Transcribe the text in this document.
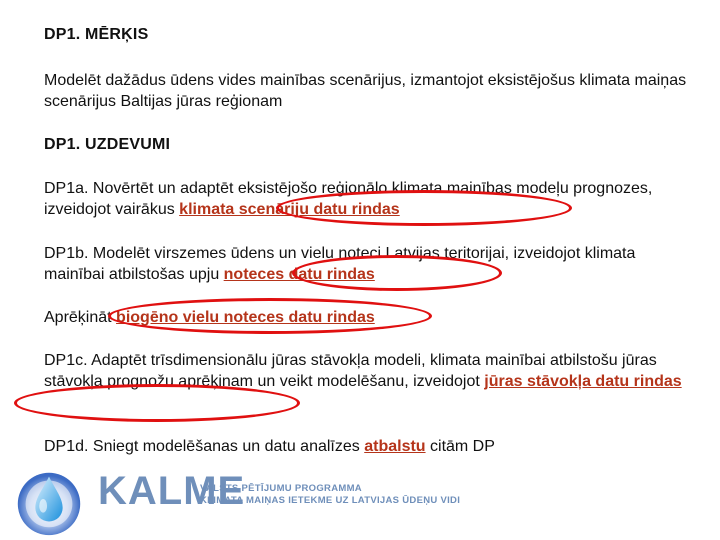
DP1. MĒRĶIS
Modelēt dažādus ūdens vides mainības scenārijus, izmantojot eksistējošus klimata maiņas scenārijus Baltijas jūras reģionam
DP1. UZDEVUMI
DP1a. Novērtēt un adaptēt eksistējošo reģionālo klimata mainības modeļu prognozes, izveidojot vairākus klimata scenāriju datu rindas
DP1b. Modelēt virszemes ūdens un vielu noteci Latvijas teritorijai, izveidojot klimata mainībai atbilstošas upju noteces datu rindas
Aprēķināt biogēno vielu noteces datu rindas
DP1c. Adaptēt trīsdimensionālu jūras stāvokļa modeli, klimata mainībai atbilstošu jūras stāvokļa prognožu aprēķinam un veikt modelēšanu, izveidojot jūras stāvokļa datu rindas
DP1d. Sniegt modelēšanas un datu analīzes atbalstu citām DP
KALME
VALSTS PĒTĪJUMU PROGRAMMA
KLIMATA MAIŅAS IETEKME UZ LATVIJAS ŪDEŅU VIDI
